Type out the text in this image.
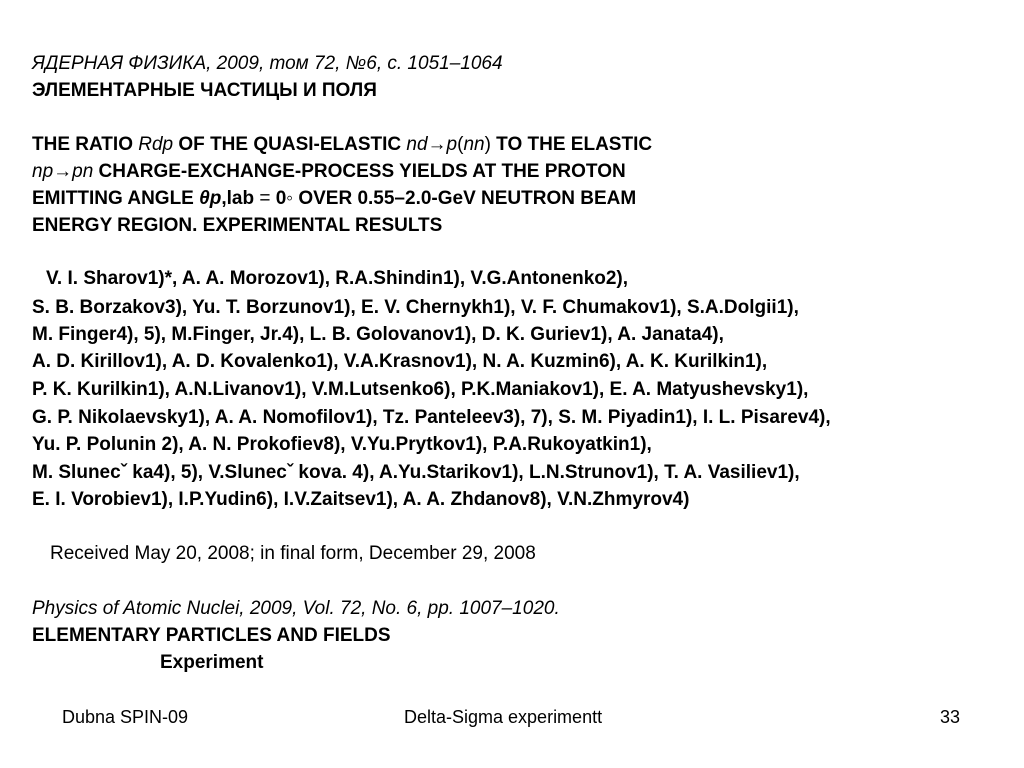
ЯДЕРНАЯ ФИЗИКА, 2009, том 72, №6, с. 1051–1064
ЭЛЕМЕНТАРНЫЕ ЧАСТИЦЫ И ПОЛЯ
THE RATIO Rdp OF THE QUASI-ELASTIC nd→p(nn) TO THE ELASTIC
np→pn CHARGE-EXCHANGE-PROCESS YIELDS AT THE PROTON
EMITTING ANGLE θp,lab = 0◦ OVER 0.55–2.0-GeV NEUTRON BEAM
ENERGY REGION. EXPERIMENTAL RESULTS
V. I. Sharov1)*, A. A. Morozov1), R.A.Shindin1), V.G.Antonenko2),
S. B. Borzakov3), Yu. T. Borzunov1), E. V. Chernykh1), V. F. Chumakov1), S.A.Dolgii1),
M. Finger4), 5), M.Finger, Jr.4), L. B. Golovanov1), D. K. Guriev1), A. Janata4),
A. D. Kirillov1), A. D. Kovalenko1), V.A.Krasnov1), N. A. Kuzmin6), A. K. Kurilkin1),
P. K. Kurilkin1), A.N.Livanov1), V.M.Lutsenko6), P.K.Maniakov1), E. A. Matyushevsky1),
G. P. Nikolaevsky1), A. A. Nomofilov1), Tz. Panteleev3), 7), S. M. Piyadin1), I. L. Pisarev4),
Yu. P. Polunin 2), A. N. Prokofiev8), V.Yu.Prytkov1), P.A.Rukoyatkin1),
M. Slunecˇ ka4), 5), V.Slunecˇ kova. 4), A.Yu.Starikov1), L.N.Strunov1), T. A. Vasiliev1),
E. I. Vorobiev1), I.P.Yudin6), I.V.Zaitsev1), A. A. Zhdanov8), V.N.Zhmyrov4)
Received May 20, 2008; in final form, December 29, 2008
Physics of Atomic Nuclei, 2009, Vol. 72, No. 6, pp. 1007–1020.
ELEMENTARY PARTICLES AND FIELDS
Experiment
Dubna SPIN-09	Delta-Sigma experimentt	33
